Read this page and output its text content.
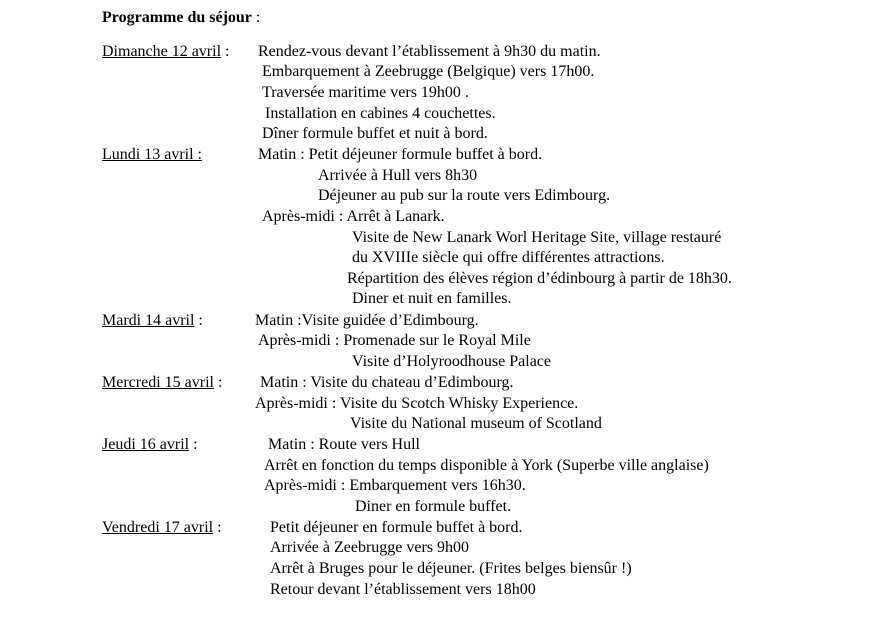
Programme du séjour :
Dimanche 12 avril : Rendez-vous devant l’établissement à 9h30 du matin.
Embarquement à Zeebrugge (Belgique) vers 17h00.
Traversée maritime vers 19h00 .
Installation en cabines 4 couchettes.
Dîner formule buffet et nuit à bord.
Lundi 13 avril :	Matin : Petit déjeuner formule buffet à bord.
Arrivée à Hull vers 8h30
Déjeuner au pub sur la route vers Edimbourg.
Après-midi : Arrêt à Lanark.
Visite de New Lanark Worl Heritage Site, village restauré
du XVIIIe siècle qui offre différentes attractions.
Répartition des élèves région d’édinbourg à partir de 18h30.
Diner et nuit en familles.
Mardi 14 avril :	Matin :Visite guidée d’Edimbourg.
Après-midi : Promenade sur le Royal Mile
Visite d’Holyroodhouse Palace
Mercredi 15 avril : Matin : Visite du chateau d’Edimbourg.
Après-midi : Visite du Scotch Whisky Experience.
Visite du National museum of Scotland
Jeudi 16 avril :	Matin : Route vers Hull
Arrêt en fonction du temps disponible à York (Superbe ville anglaise)
Après-midi : Embarquement vers 16h30.
Diner en formule buffet.
Vendredi 17 avril :	Petit déjeuner en formule buffet à bord.
Arrivée à Zeebrugge vers 9h00
Arrêt à Bruges pour le déjeuner. (Frites belges biensûr !)
Retour devant l’établissement vers 18h00
